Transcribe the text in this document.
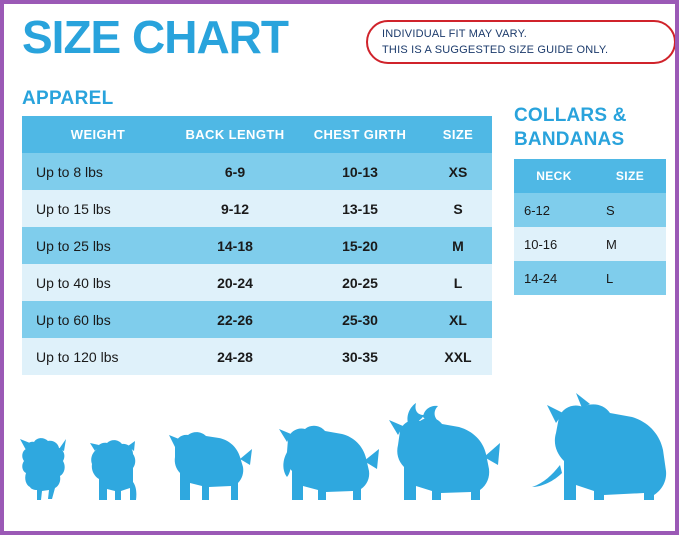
SIZE CHART	INDIVIDUAL FIT MAY VARY.
THIS IS A SUGGESTED SIZE GUIDE ONLY.
APPAREL
WEIGHT	BACK LENGTH	CHEST GIRTH	SIZE
Up to 8 lbs	6-9	10-13	XS
Up to 15 lbs	9-12	13-15	S
Up to 25 lbs	14-18	15-20	M
Up to 40 lbs	20-24	20-25	L
Up to 60 lbs	22-26	25-30	XL
Up to 120 lbs	24-28	30-35	XXL
COLLARS &
BANDANAS
NECK	SIZE
6-12	S
10-16	M
14-24	L
